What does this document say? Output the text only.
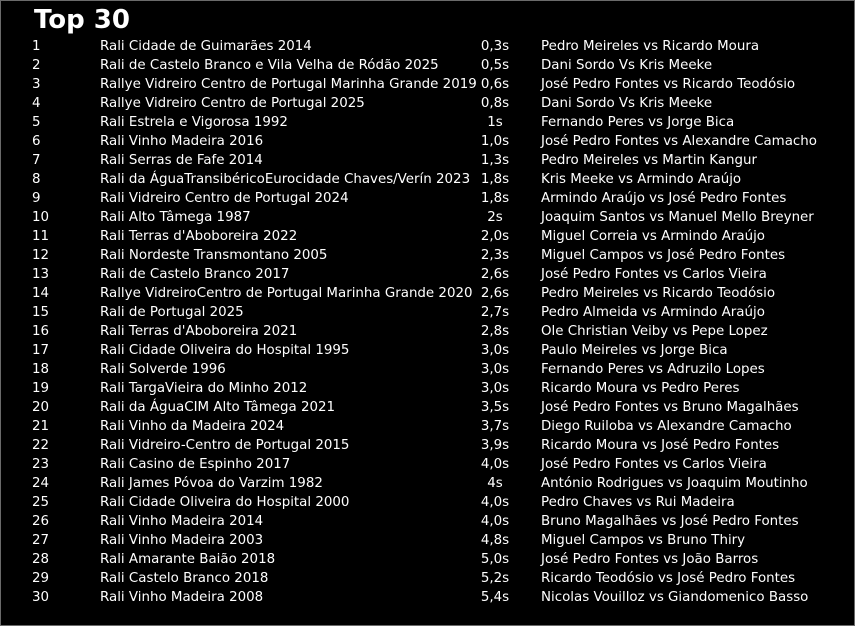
Top 30
1	Rali Cidade de Guimarães 2014	0,3s	Pedro Meireles vs Ricardo Moura
2	Rali de Castelo Branco e Vila Velha de Ródão 2025	0,5s	Dani Sordo Vs Kris Meeke
3	Rallye Vidreiro Centro de Portugal Marinha Grande 2019 0,6s	José Pedro Fontes vs Ricardo Teodósio
4	Rallye Vidreiro Centro de Portugal 2025	0,8s	Dani Sordo Vs Kris Meeke
5	Rali Estrela e Vigorosa 1992	1s	Fernando Peres vs Jorge Bica
6	Rali Vinho Madeira 2016	1,0s	José Pedro Fontes vs Alexandre Camacho
7	Rali Serras de Fafe 2014	1,3s	Pedro Meireles vs Martin Kangur
8	Rali da ÁguaTransibéricoEurocidade Chaves/Verín 2023 1,8s	Kris Meeke vs Armindo Araújo
9	Rali Vidreiro Centro de Portugal 2024	1,8s	Armindo Araújo vs José Pedro Fontes
10	Rali Alto Tâmega 1987	2s	Joaquim Santos vs Manuel Mello Breyner
11	Rali Terras d'Aboboreira 2022	2,0s	Miguel Correia vs Armindo Araújo
12	Rali Nordeste Transmontano 2005	2,3s	Miguel Campos vs José Pedro Fontes
13	Rali de Castelo Branco 2017	2,6s	José Pedro Fontes vs Carlos Vieira
14	Rallye VidreiroCentro de Portugal Marinha Grande 2020 2,6s	Pedro Meireles vs Ricardo Teodósio
15	Rali de Portugal 2025	2,7s	Pedro Almeida vs Armindo Araújo
16	Rali Terras d'Aboboreira 2021	2,8s	Ole Christian Veiby vs Pepe Lopez
17	Rali Cidade Oliveira do Hospital 1995	3,0s	Paulo Meireles vs Jorge Bica
18	Rali Solverde 1996	3,0s	Fernando Peres vs Adruzilo Lopes
19	Rali TargaVieira do Minho 2012	3,0s	Ricardo Moura vs Pedro Peres
20	Rali da ÁguaCIM Alto Tâmega 2021	3,5s	José Pedro Fontes vs Bruno Magalhães
21	Rali Vinho da Madeira 2024	3,7s	Diego Ruiloba vs Alexandre Camacho
22	Rali Vidreiro-Centro de Portugal 2015	3,9s	Ricardo Moura vs José Pedro Fontes
23	Rali Casino de Espinho 2017	4,0s	José Pedro Fontes vs Carlos Vieira
24	Rali James Póvoa do Varzim 1982	4s	António Rodrigues vs Joaquim Moutinho
25	Rali Cidade Oliveira do Hospital 2000	4,0s	Pedro Chaves vs Rui Madeira
26	Rali Vinho Madeira 2014	4,0s	Bruno Magalhães vs José Pedro Fontes
27	Rali Vinho Madeira 2003	4,8s	Miguel Campos vs Bruno Thiry
28	Rali Amarante Baião 2018	5,0s	José Pedro Fontes vs João Barros
29	Rali Castelo Branco 2018	5,2s	Ricardo Teodósio vs José Pedro Fontes
30	Rali Vinho Madeira 2008	5,4s	Nicolas Vouilloz vs Giandomenico Basso
